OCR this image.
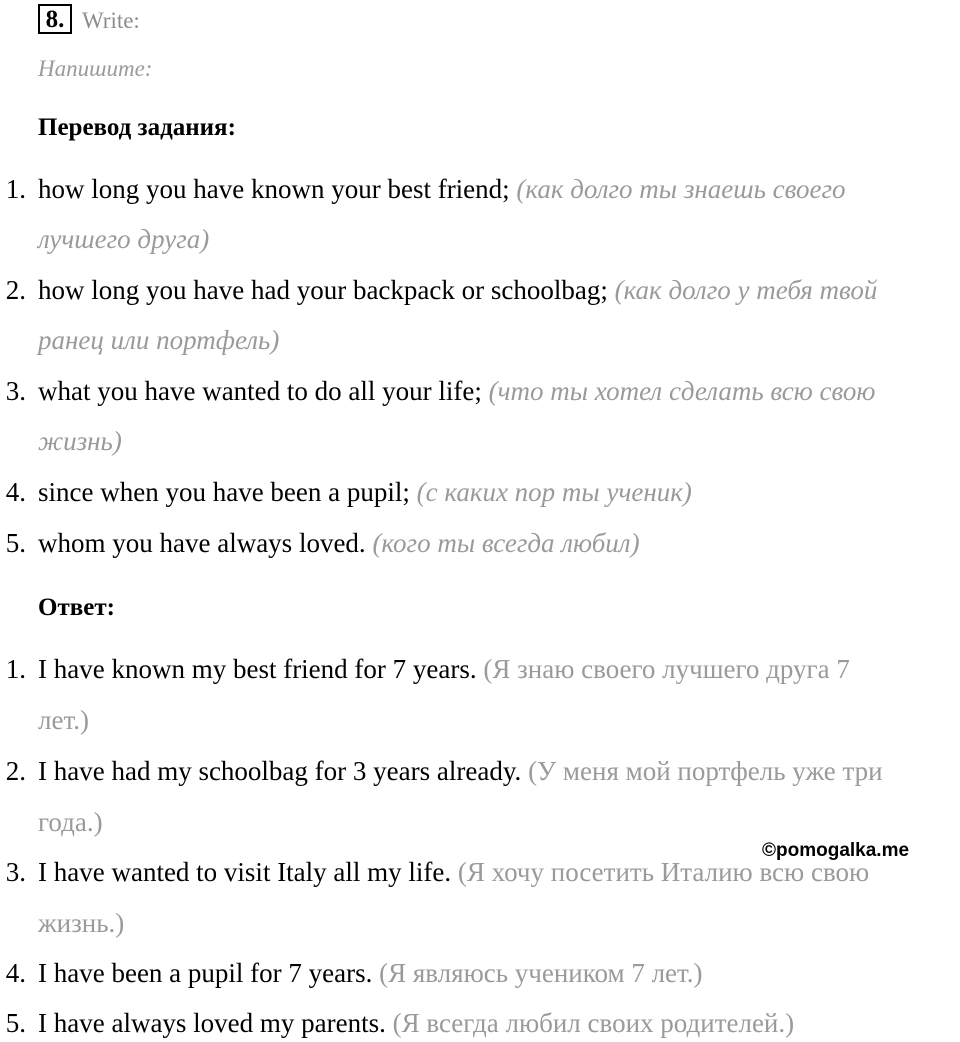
8. Write:
Напишите:
Перевод задания:
1. how long you have known your best friend; (как долго ты знаешь своего
лучшего друга)
2. how long you have had your backpack or schoolbag; (как долго у тебя твой
ранец или портфель)
3. what you have wanted to do all your life; (что ты хотел сделать всю свою
жизнь)
4. since when you have been a pupil; (с каких пор ты ученик)
5. whom you have always loved. (кого ты всегда любил)
Ответ:
1. I have known my best friend for 7 years. (Я знаю своего лучшего друга 7
лет.)
2. I have had my schoolbag for 3 years already. (У меня мой портфель уже три
года.)
3. I have wanted to visit Italy all my life. (Я хочу посетить Италию всю свою
жизнь.)
4. I have been a pupil for 7 years. (Я являюсь учеником 7 лет.)
5. I have always loved my parents. (Я всегда любил своих родителей.)
©pomogalka.me
